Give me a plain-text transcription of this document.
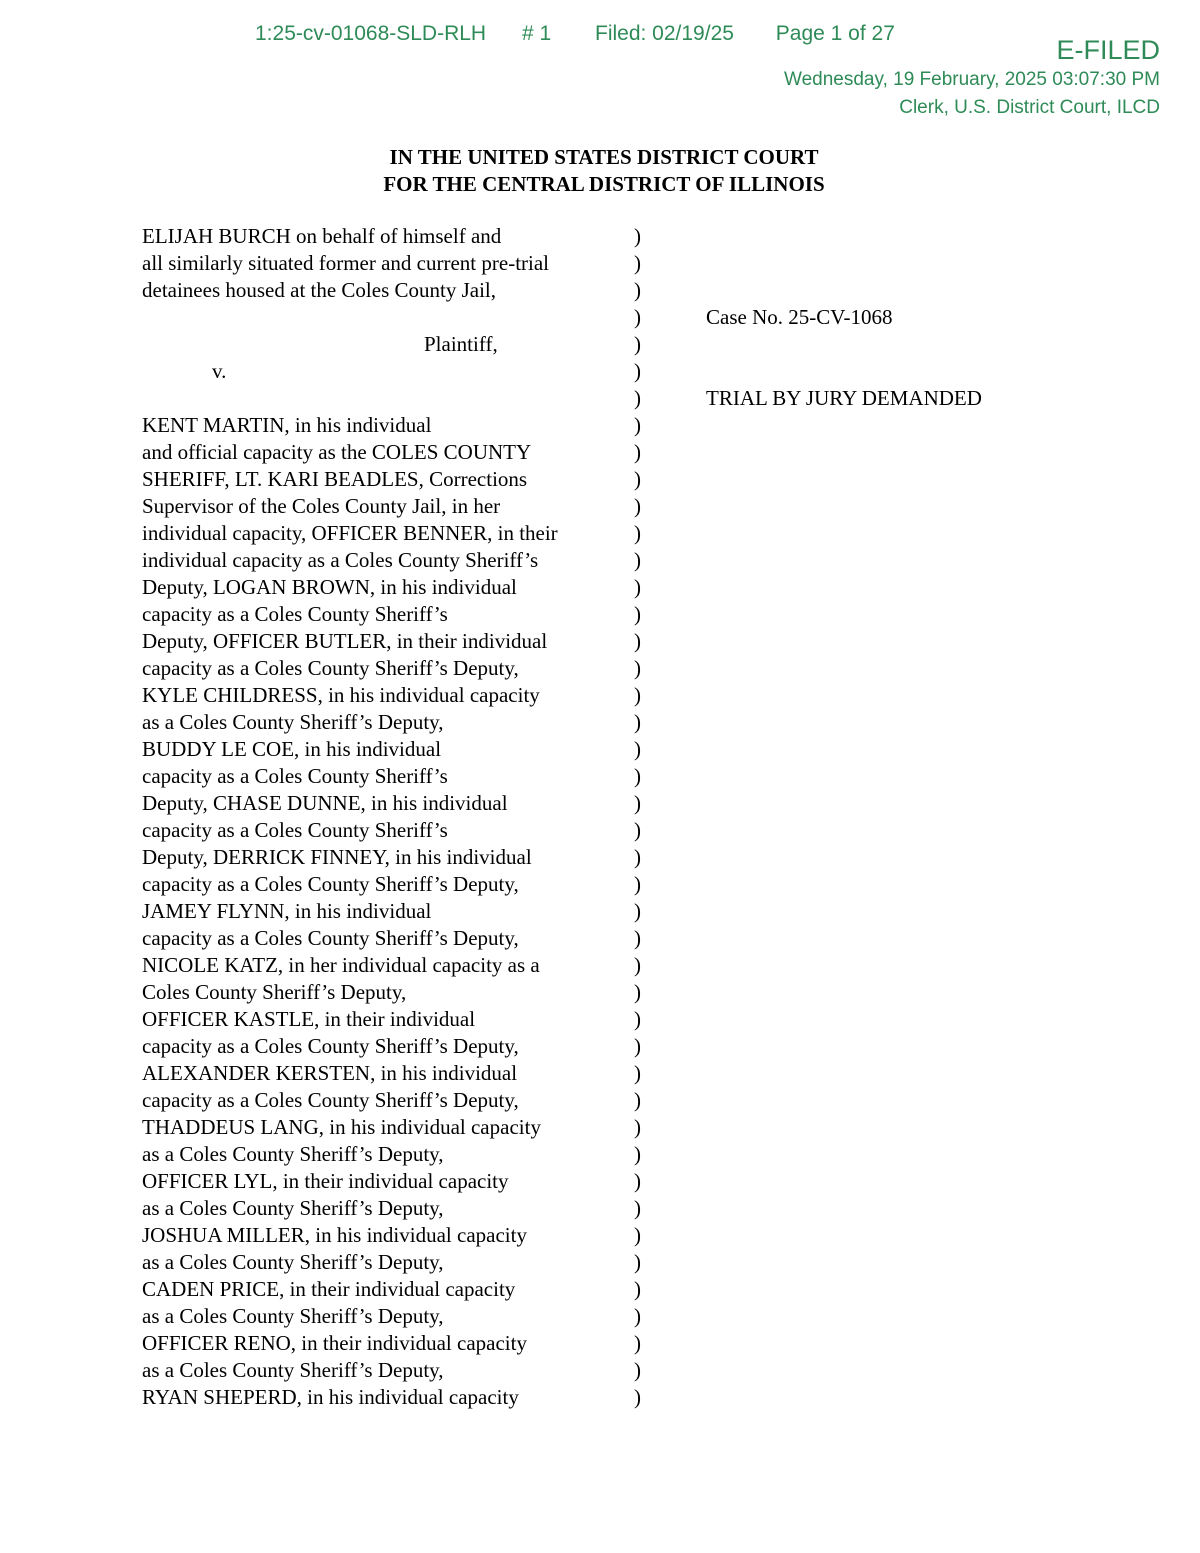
1:25-cv-01068-SLD-RLH # 1 Filed: 02/19/25 Page 1 of 27
E-FILED
Wednesday, 19 February, 2025 03:07:30 PM
Clerk, U.S. District Court, ILCD
IN THE UNITED STATES DISTRICT COURT
FOR THE CENTRAL DISTRICT OF ILLINOIS
ELIJAH BURCH on behalf of himself and
all similarly situated former and current pre-trial
detainees housed at the Coles County Jail,
Plaintiff,
v.
KENT MARTIN, in his individual
and official capacity as the COLES COUNTY
SHERIFF, LT. KARI BEADLES, Corrections
Supervisor of the Coles County Jail, in her
individual capacity, OFFICER BENNER, in their
individual capacity as a Coles County Sheriff’s
Deputy, LOGAN BROWN, in his individual
capacity as a Coles County Sheriff’s
Deputy, OFFICER BUTLER, in their individual
capacity as a Coles County Sheriff’s Deputy,
KYLE CHILDRESS, in his individual capacity
as a Coles County Sheriff’s Deputy,
BUDDY LE COE, in his individual
capacity as a Coles County Sheriff’s
Deputy, CHASE DUNNE, in his individual
capacity as a Coles County Sheriff’s
Deputy, DERRICK FINNEY, in his individual
capacity as a Coles County Sheriff’s Deputy,
JAMEY FLYNN, in his individual
capacity as a Coles County Sheriff’s Deputy,
NICOLE KATZ, in her individual capacity as a
Coles County Sheriff’s Deputy,
OFFICER KASTLE, in their individual
capacity as a Coles County Sheriff’s Deputy,
ALEXANDER KERSTEN, in his individual
capacity as a Coles County Sheriff’s Deputy,
THADDEUS LANG, in his individual capacity
as a Coles County Sheriff’s Deputy,
OFFICER LYL, in their individual capacity
as a Coles County Sheriff’s Deputy,
JOSHUA MILLER, in his individual capacity
as a Coles County Sheriff’s Deputy,
CADEN PRICE, in their individual capacity
as a Coles County Sheriff’s Deputy,
OFFICER RENO, in their individual capacity
as a Coles County Sheriff’s Deputy,
RYAN SHEPERD, in his individual capacity
)
)
)
)
)
)
)
)
)
)
)
)
)
)
)
)
)
)
)
)
)
)
)
)
)
)
)
)
)
)
)
)
)
)
)
)
)
)
)
)
)
)
)
)
Case No. 25-CV-1068
TRIAL BY JURY DEMANDED
